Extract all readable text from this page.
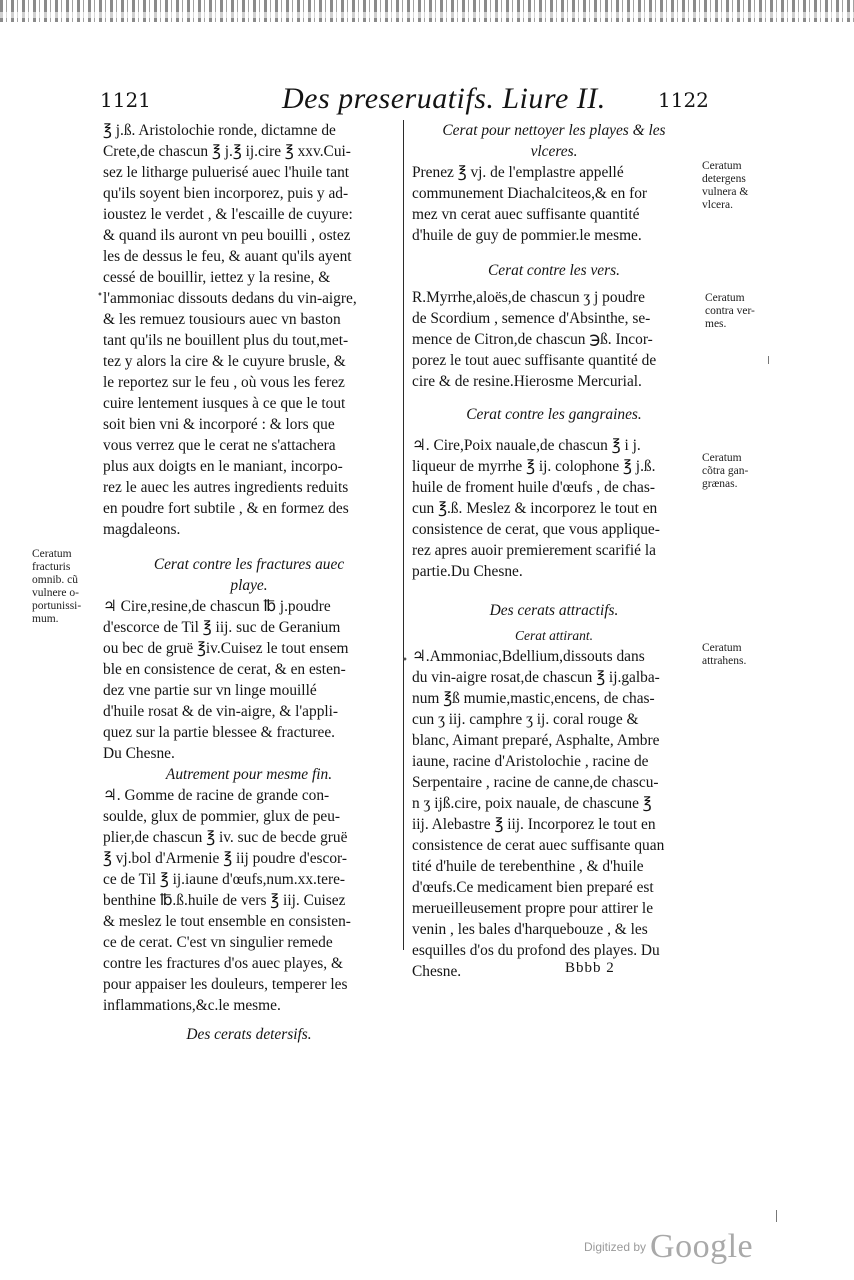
1121	Des preseruatifs. Liure II.	1122
℥ j.ß. Aristolochie ronde, dictamne de
Crete,de chascun ℥ j.℥ ij.cire ℥ xxv.Cui-
sez le litharge puluerisé auec l'huile tant
qu'ils soyent bien incorporez, puis y ad-
ioustez le verdet , & l'escaille de cuyure:
& quand ils auront vn peu bouilli , ostez
les de dessus le feu, & auant qu'ils ayent
cessé de bouillir, iettez y la resine, &
l'ammoniac dissouts dedans du vin-aigre,
& les remuez tousiours auec vn baston
tant qu'ils ne bouillent plus du tout,met-
tez y alors la cire & le cuyure brusle, &
le reportez sur le feu , où vous les ferez
cuire lentement iusques à ce que le tout
soit bien vni & incorporé : & lors que
vous verrez que le cerat ne s'attachera
plus aux doigts en le maniant, incorpo-
rez le auec les autres ingredients reduits
en poudre fort subtile , & en formez des
magdaleons.
Cerat contre les fractures auec
playe.
♃ Cire,resine,de chascun ℔ j.poudre
d'escorce de Til ℥ iij. suc de Geranium
ou bec de gruë ℥iv.Cuisez le tout ensem
ble en consistence de cerat, & en esten-
dez vne partie sur vn linge mouillé
d'huile rosat & de vin-aigre, & l'appli-
quez sur la partie blessee & fracturee.
Du Chesne.
Autrement pour mesme fin.
♃. Gomme de racine de grande con-
soulde, glux de pommier, glux de peu-
plier,de chascun ℥ iv. suc de becde gruë
℥ vj.bol d'Armenie ℥ iij poudre d'escor-
ce de Til ℥ ij.iaune d'œufs,num.xx.tere-
benthine ℔.ß.huile de vers ℥ iij. Cuisez
& meslez le tout ensemble en consisten-
ce de cerat. C'est vn singulier remede
contre les fractures d'os auec playes, &
pour appaiser les douleurs, temperer les
inflammations,&c.le mesme.
Des cerats detersifs.
Cerat pour nettoyer les playes & les
vlceres.
Prenez ℥ vj. de l'emplastre appellé
communement Diachalciteos,& en for
mez vn cerat auec suffisante quantité
d'huile de guy de pommier.le mesme.
Cerat contre les vers.
R.Myrrhe,aloës,de chascun ʒ j poudre
de Scordium , semence d'Absinthe, se-
mence de Citron,de chascun ℈ß. Incor-
porez le tout auec suffisante quantité de
cire & de resine.Hierosme Mercurial.
Cerat contre les gangraines.
♃. Cire,Poix nauale,de chascun ℥ i j.
liqueur de myrrhe ℥ ij. colophone ℥ j.ß.
huile de froment huile d'œufs , de chas-
cun ℥.ß. Meslez & incorporez le tout en
consistence de cerat, que vous applique-
rez apres auoir premierement scarifié la
partie.Du Chesne.
Des cerats attractifs.
Cerat attirant.
♃.Ammoniac,Bdellium,dissouts dans
du vin-aigre rosat,de chascun ℥ ij.galba-
num ℥ß mumie,mastic,encens, de chas-
cun ʒ iij. camphre ʒ ij. coral rouge &
blanc, Aimant preparé, Asphalte, Ambre
iaune, racine d'Aristolochie , racine de
Serpentaire , racine de canne,de chascu-
n ʒ ijß.cire, poix nauale, de chascune ℥
iij. Alebastre ℥ iij. Incorporez le tout en
consistence de cerat auec suffisante quan
tité d'huile de terebenthine , & d'huile
d'œufs.Ce medicament bien preparé est
merueilleusement propre pour attirer le
venin , les bales d'harquebouze , & les
esquilles d'os du profond des playes. Du
Chesne.
Ceratum
fracturis
omnib. cũ
vulnere o-
portunissi-
mum.
Ceratum
detergens
vulnera &
vlcera.
Ceratum
contra ver-
mes.
Ceratum
cõtra gan-
grænas.
Ceratum
attrahens.
•
•
Bbbb 2
Digitized by Google
